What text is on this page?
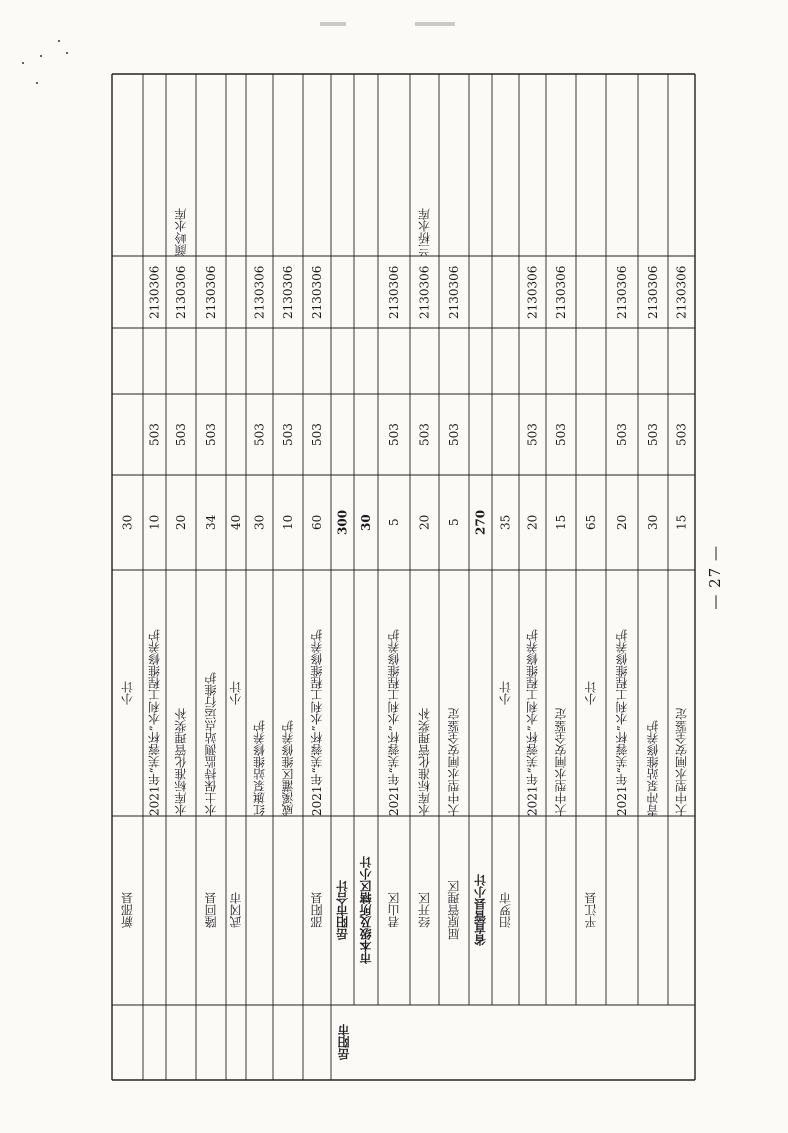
新邵县
小计
30
2021年“芙蓉杯”水利工程维修养护
10
503
2130306
水库标准化管理奖补
20
503
2130306
颜岭水库
隆回县
水土保持监测站点运行维护
34
503
2130306
武冈市
小计
40
红旗泵站维修养护
30
503
2130306
威溪灌区维修养护
10
503
2130306
邵阳县
2021年“芙蓉杯”水利工程维修养护
60
503
2130306
岳阳市合计
300
市本级及所辖区小计
30
君山区
2021年“芙蓉杯”水利工程维修养护
5
503
2130306
经开区
水库标准化管理奖补
20
503
2130306
兰桥水库
屈原管理区
大中型水闸安全鉴定
5
503
2130306
省直管县小计
270
汨罗市
小计
35
2021年“芙蓉杯”水利工程维修养护
20
503
2130306
大中型水闸安全鉴定
15
503
2130306
平江县
小计
65
2021年“芙蓉杯”水利工程维修养护
20
503
2130306
青冲泵站维修养护
30
503
2130306
大中型水闸安全鉴定
15
503
2130306
岳阳市
— 27 —
